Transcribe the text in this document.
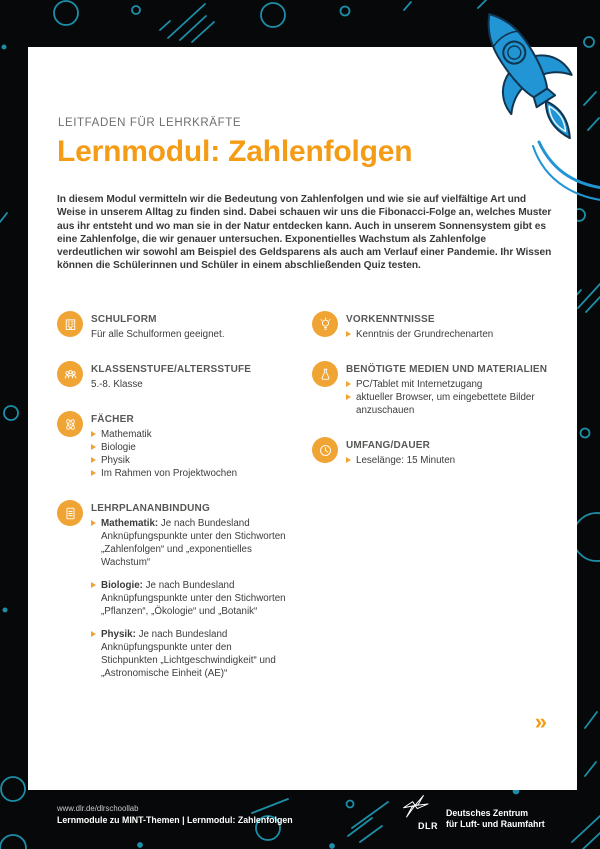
LEITFADEN FÜR LEHRKRÄFTE
Lernmodul: Zahlenfolgen

In diesem Modul vermitteln wir die Bedeutung von Zahlenfolgen und wie sie auf vielfältige Art und Weise in unserem Alltag zu finden sind. Dabei schauen wir uns die Fibonacci-Folge an, welches Muster aus ihr entsteht und wo man sie in der Natur entdecken kann. Auch in unserem Sonnensystem gibt es eine Zahlenfolge, die wir genauer untersuchen. Exponentielles Wachstum als Zahlenfolge verdeutlichen wir sowohl am Beispiel des Geldsparens als auch am Verlauf einer Pandemie. Ihr Wissen können die Schülerinnen und Schüler in einem abschließenden Quiz testen.

SCHULFORM
Für alle Schulformen geeignet.
KLASSENSTUFE/ALTERSSTUFE
5.-8. Klasse
FÄCHER
Mathematik
Biologie
Physik
Im Rahmen von Projektwochen
LEHRPLANANBINDUNG
Mathematik: Je nach Bundesland Anknüpfungspunkte unter den Stichworten „Zahlenfolgen“ und „exponentielles Wachstum“
Biologie: Je nach Bundesland Anknüpfungspunkte unter den Stichworten „Pflanzen“, „Ökologie“ und „Botanik“
Physik: Je nach Bundesland Anknüpfungspunkte unter den Stichpunkten „Lichtgeschwindigkeit“ und „Astronomische Einheit (AE)“
VORKENNTNISSE
Kenntnis der Grundrechenarten
BENÖTIGTE MEDIEN UND MATERIALIEN
PC/Tablet mit Internetzugang
aktueller Browser, um eingebettete Bilder anzuschauen
UMFANG/DAUER
Leselänge: 15 Minuten
»
www.dlr.de/dlrschoollab
Lernmodule zu MINT-Themen | Lernmodul: Zahlenfolgen
DLR
Deutsches Zentrum
für Luft- und Raumfahrt
